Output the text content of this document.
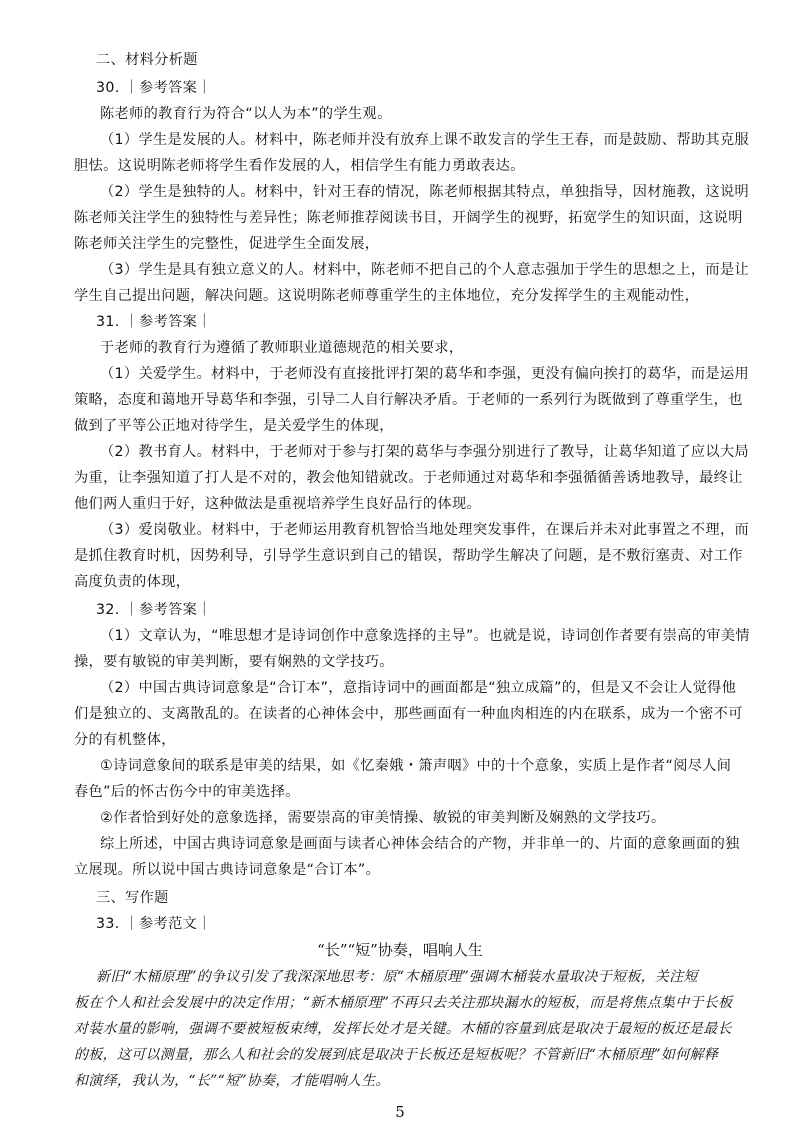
二、材料分析题
30. ｜参考答案｜
陈老师的教育行为符合“以人为本”的学生观。
（1）学生是发展的人。材料中，陈老师并没有放弃上课不敢发言的学生王春，而是鼓励、帮助其克服
胆怯。这说明陈老师将学生看作发展的人，相信学生有能力勇敢表达。
（2）学生是独特的人。材料中，针对王春的情况，陈老师根据其特点，单独指导，因材施教，这说明
陈老师关注学生的独特性与差异性；陈老师推荐阅读书目，开阔学生的视野，拓宽学生的知识面，这说明
陈老师关注学生的完整性，促进学生全面发展，
（3）学生是具有独立意义的人。材料中，陈老师不把自己的个人意志强加于学生的思想之上，而是让
学生自己提出问题，解决问题。这说明陈老师尊重学生的主体地位，充分发挥学生的主观能动性，
31. ｜参考答案｜
于老师的教育行为遵循了教师职业道德规范的相关要求，
（1）关爱学生。材料中，于老师没有直接批评打架的葛华和李强，更没有偏向挨打的葛华，而是运用
策略，态度和蔼地开导葛华和李强，引导二人自行解决矛盾。于老师的一系列行为既做到了尊重学生，也
做到了平等公正地对待学生，是关爱学生的体现，
（2）教书育人。材料中，于老师对于参与打架的葛华与李强分别进行了教导，让葛华知道了应以大局
为重，让李强知道了打人是不对的，教会他知错就改。于老师通过对葛华和李强循循善诱地教导，最终让
他们两人重归于好，这种做法是重视培养学生良好品行的体现。
（3）爱岗敬业。材料中，于老师运用教育机智恰当地处理突发事件，在课后并未对此事置之不理，而
是抓住教育时机，因势利导，引导学生意识到自己的错误，帮助学生解决了问题，是不敷衍塞责、对工作
高度负责的体现，
32. ｜参考答案｜
（1）文章认为，“唯思想才是诗词创作中意象选择的主导”。也就是说，诗词创作者要有崇高的审美情
操，要有敏锐的审美判断，要有娴熟的文学技巧。
（2）中国古典诗词意象是“合订本”，意指诗词中的画面都是“独立成篇”的，但是又不会让人觉得他
们是独立的、支离散乱的。在读者的心神体会中，那些画面有一种血肉相连的内在联系，成为一个密不可
分的有机整体，
①诗词意象间的联系是审美的结果，如《忆秦娥・箫声咽》中的十个意象，实质上是作者“阅尽人间
春色”后的怀古伤今中的审美选择。
②作者恰到好处的意象选择，需要崇高的审美情操、敏锐的审美判断及娴熟的文学技巧。
综上所述，中国古典诗词意象是画面与读者心神体会结合的产物，并非单一的、片面的意象画面的独
立展现。所以说中国古典诗词意象是“合订本”。
三、写作题
33. ｜参考范文｜
“长”“短”协奏，唱响人生
新旧“木桶原理”的争议引发了我深深地思考：原“木桶原理”强调木桶装水量取决于短板，关注短
板在个人和社会发展中的决定作用；“新木桶原理”不再只去关注那块漏水的短板，而是将焦点集中于长板
对装水量的影响，强调不要被短板束缚，发挥长处才是关键。木桶的容量到底是取决于最短的板还是最长
的板，这可以测量，那么人和社会的发展到底是取决于长板还是短板呢？不管新旧“木桶原理”如何解释
和演绎，我认为，“长”“短”协奏，才能唱响人生。
5
